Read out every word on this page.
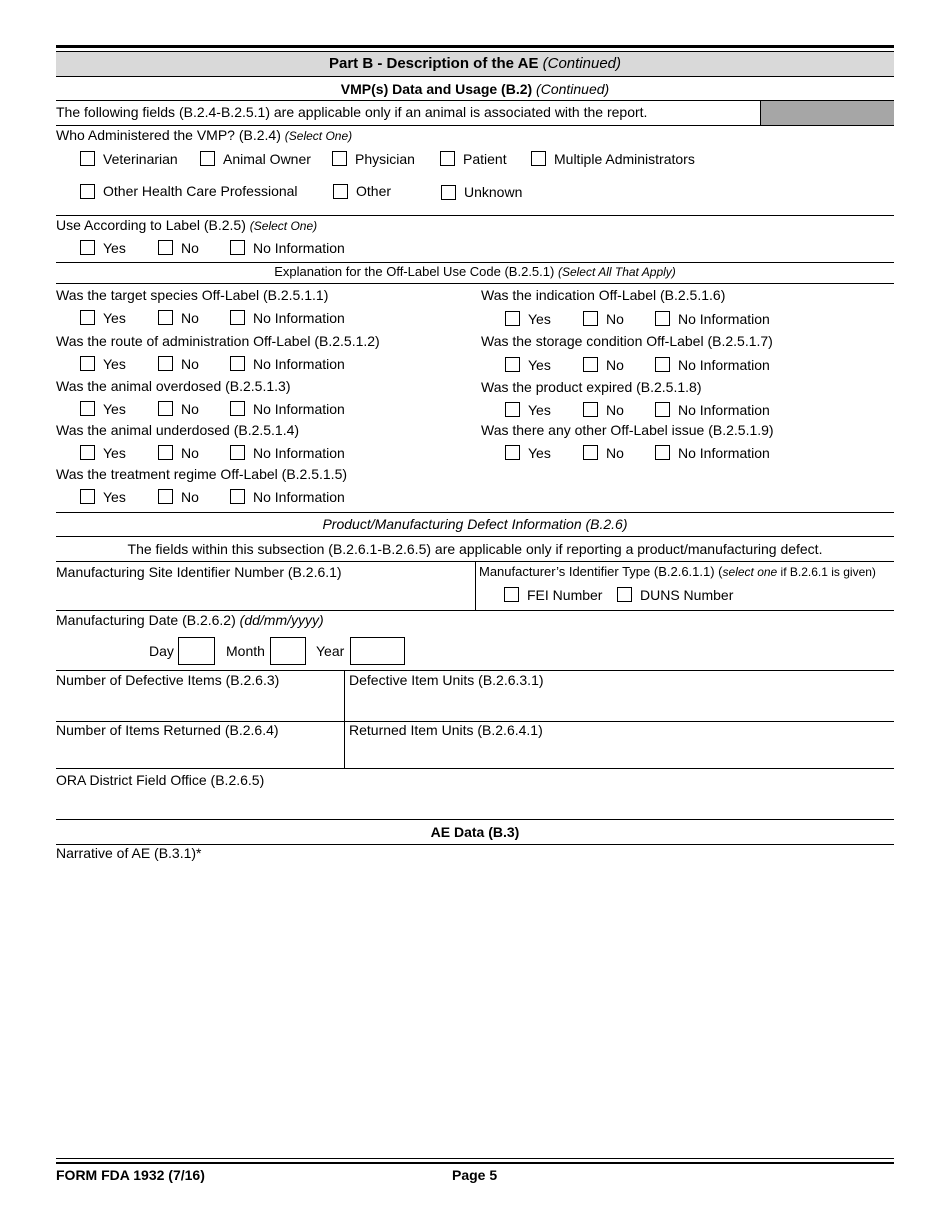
Part B - Description of the AE (Continued)
VMP(s) Data and Usage (B.2) (Continued)
The following fields (B.2.4-B.2.5.1) are applicable only if an animal is associated with the report.
Who Administered the VMP? (B.2.4) (Select One)
Veterinarian	Animal Owner	Physician	Patient	Multiple Administrators
Other Health Care Professional	Other	Unknown
Use According to Label (B.2.5) (Select One)
Yes	No	No Information
Explanation for the Off-Label Use Code (B.2.5.1) (Select All That Apply)
Was the target species Off-Label (B.2.5.1.1)
Yes	No	No Information
Was the route of administration Off-Label (B.2.5.1.2)
Yes	No	No Information
Was the animal overdosed (B.2.5.1.3)
Yes	No	No Information
Was the animal underdosed (B.2.5.1.4)
Yes	No	No Information
Was the treatment regime Off-Label (B.2.5.1.5)
Yes	No	No Information
Was the indication Off-Label (B.2.5.1.6)
Yes	No	No Information
Was the storage condition Off-Label (B.2.5.1.7)
Yes	No	No Information
Was the product expired (B.2.5.1.8)
Yes	No	No Information
Was there any other Off-Label issue (B.2.5.1.9)
Yes	No	No Information
Product/Manufacturing Defect Information (B.2.6)
The fields within this subsection (B.2.6.1-B.2.6.5) are applicable only if reporting a product/manufacturing defect.
Manufacturing Site Identifier Number (B.2.6.1)	Manufacturer’s Identifier Type (B.2.6.1.1) (select one if B.2.6.1 is given)
FEI Number	DUNS Number
Manufacturing Date (B.2.6.2) (dd/mm/yyyy)
Day	Month	Year
Number of Defective Items (B.2.6.3)	Defective Item Units (B.2.6.3.1)
Number of Items Returned (B.2.6.4)	Returned Item Units (B.2.6.4.1)
ORA District Field Office (B.2.6.5)
AE Data (B.3)
Narrative of AE (B.3.1)*
FORM FDA 1932 (7/16)	Page 5
